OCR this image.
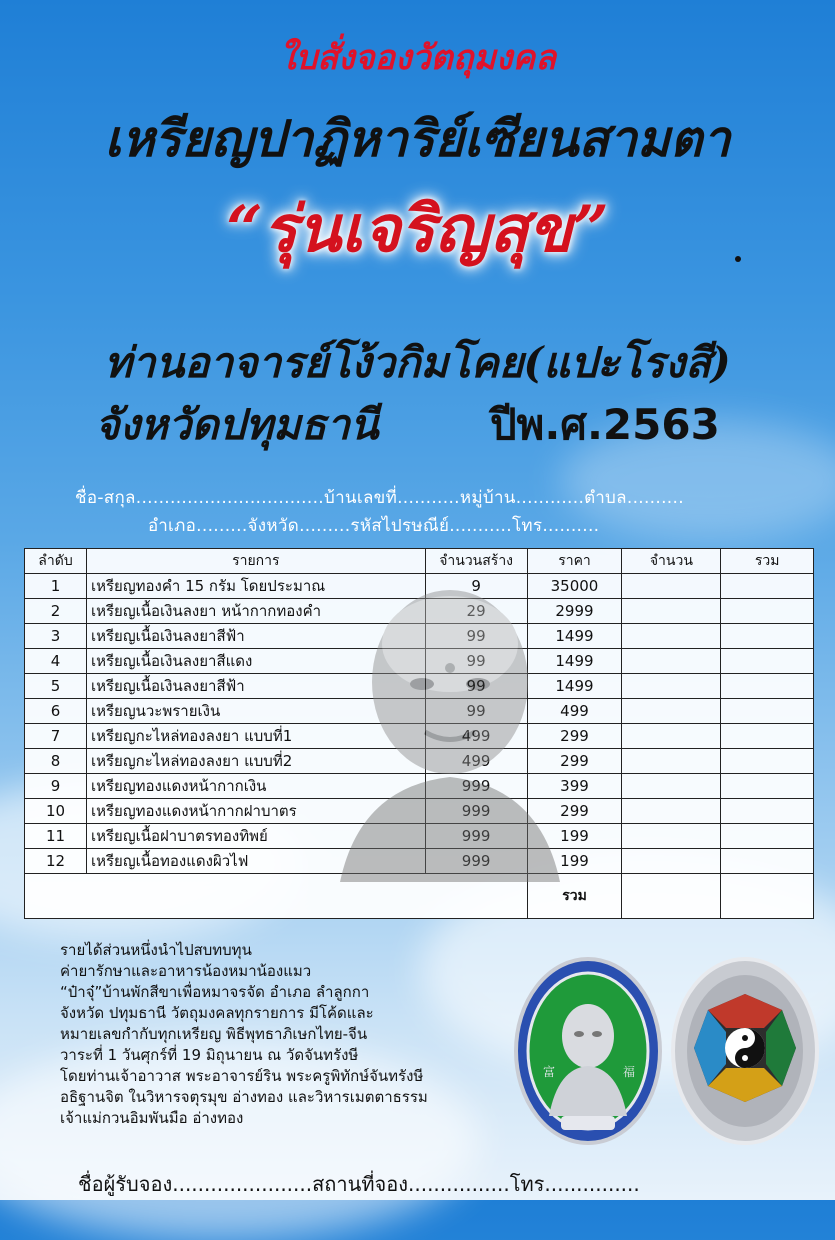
ใบสั่งจองวัตถุมงคล
เหรียญปาฏิหาริย์เซียนสามตา
“รุ่นเจริญสุข”
ท่านอาจารย์โง้วกิมโคย(แปะโรงสี)
จังหวัดปทุมธานี	ปีพ.ศ.2563
ชื่อ-สกุล.................................บ้านเลขที่...........หมู่บ้าน............ตำบล..........
อำเภอ.........จังหวัด.........รหัสไปรษณีย์...........โทร..........
ลำดับ	รายการ	จำนวนสร้าง	ราคา	จำนวน	รวม
1	เหรียญทองคำ 15 กรัม โดยประมาณ	9	35000		
2	เหรียญเนื้อเงินลงยา หน้ากากทองคำ	29	2999		
3	เหรียญเนื้อเงินลงยาสีฟ้า	99	1499		
4	เหรียญเนื้อเงินลงยาสีแดง	99	1499		
5	เหรียญเนื้อเงินลงยาสีฟ้า	99	1499		
6	เหรียญนวะพรายเงิน	99	499		
7	เหรียญกะไหล่ทองลงยา แบบที่1	499	299		
8	เหรียญกะไหล่ทองลงยา แบบที่2	499	299		
9	เหรียญทองแดงหน้ากากเงิน	999	399		
10	เหรียญทองแดงหน้ากากฝาบาตร	999	299		
11	เหรียญเนื้อฝาบาตรทองทิพย์	999	199		
12	เหรียญเนื้อทองแดงผิวไฟ	999	199		
			รวม		
รายได้ส่วนหนึ่งนำไปสบทบทุน
ค่ายารักษาและอาหารน้องหมาน้องแมว
“ป๋าจุ๋”บ้านพักสีขาเพื่อหมาจรจัด อำเภอ ลำลูกกา
จังหวัด ปทุมธานี วัตถุมงคลทุกรายการ มีโค้ดและ
หมายเลขกำกับทุกเหรียญ พิธีพุทธาภิเษกไทย-จีน
วาระที่ 1 วันศุกร์ที่ 19 มิถุนายน ณ วัดจันทรังษี
โดยท่านเจ้าอาวาส พระอาจารย์ริน พระครูพิทักษ์จันทรังษี
อธิฐานจิต ในวิหารจตุรมุข อ่างทอง และวิหารเมตตาธรรม
เจ้าแม่กวนอิมพันมือ อ่างทอง
富	福
ชื่อผู้รับจอง......................สถานที่จอง................โทร...............
